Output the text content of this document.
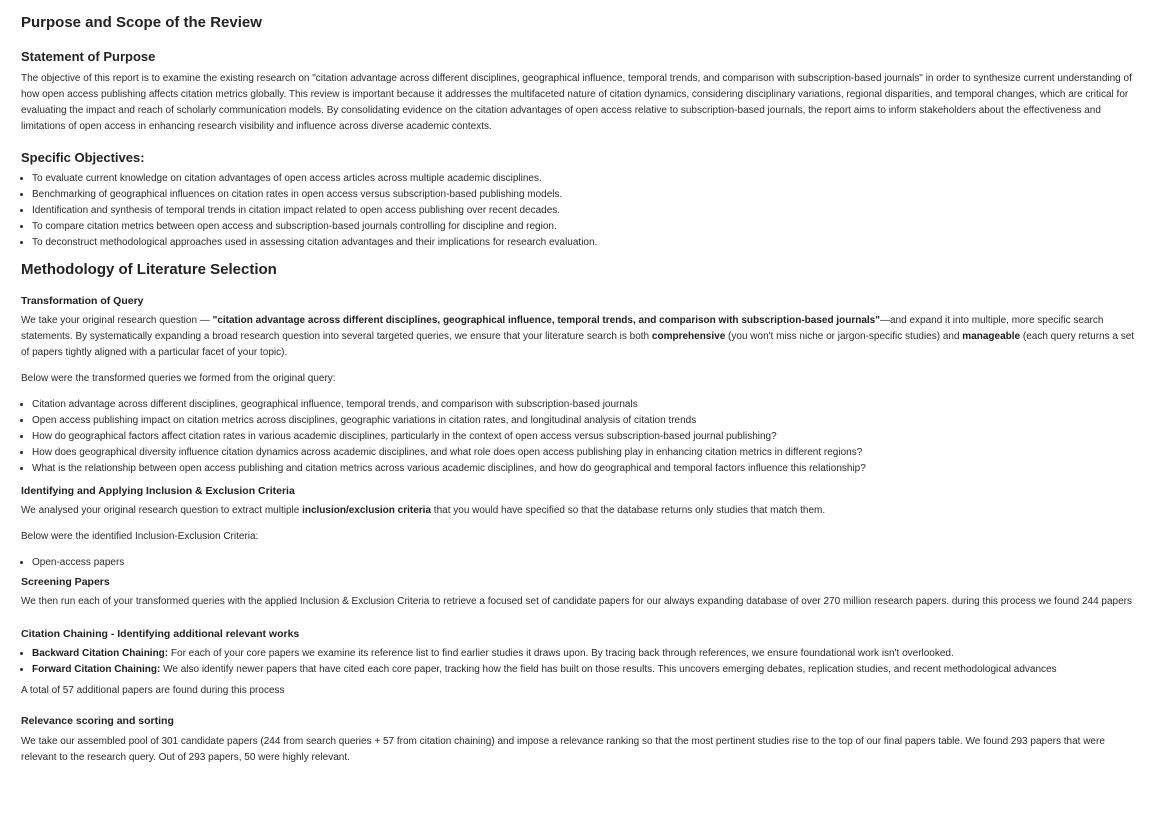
Purpose and Scope of the Review
Statement of Purpose

The objective of this report is to examine the existing research on "citation advantage across different disciplines, geographical influence, temporal trends, and comparison with subscription-based journals" in order to synthesize current understanding of how open access publishing affects citation metrics globally. This review is important because it addresses the multifaceted nature of citation dynamics, considering disciplinary variations, regional disparities, and temporal changes, which are critical for evaluating the impact and reach of scholarly communication models. By consolidating evidence on the citation advantages of open access relative to subscription-based journals, the report aims to inform stakeholders about the effectiveness and limitations of open access in enhancing research visibility and influence across diverse academic contexts.

Specific Objectives:
• To evaluate current knowledge on citation advantages of open access articles across multiple academic disciplines.
• Benchmarking of geographical influences on citation rates in open access versus subscription-based publishing models.
• Identification and synthesis of temporal trends in citation impact related to open access publishing over recent decades.
• To compare citation metrics between open access and subscription-based journals controlling for discipline and region.
• To deconstruct methodological approaches used in assessing citation advantages and their implications for research evaluation.
Methodology of Literature Selection
Transformation of Query

We take your original research question — "citation advantage across different disciplines, geographical influence, temporal trends, and comparison with subscription-based journals"—and expand it into multiple, more specific search statements. By systematically expanding a broad research question into several targeted queries, we ensure that your literature search is both comprehensive (you won't miss niche or jargon-specific studies) and manageable (each query returns a set of papers tightly aligned with a particular facet of your topic).

Below were the transformed queries we formed from the original query:

• Citation advantage across different disciplines, geographical influence, temporal trends, and comparison with subscription-based journals
• Open access publishing impact on citation metrics across disciplines, geographic variations in citation rates, and longitudinal analysis of citation trends
• How do geographical factors affect citation rates in various academic disciplines, particularly in the context of open access versus subscription-based journal publishing?
• How does geographical diversity influence citation dynamics across academic disciplines, and what role does open access publishing play in enhancing citation metrics in different regions?
• What is the relationship between open access publishing and citation metrics across various academic disciplines, and how do geographical and temporal factors influence this relationship?
Identifying and Applying Inclusion & Exclusion Criteria

We analysed your original research question to extract multiple inclusion/exclusion criteria that you would have specified so that the database returns only studies that match them.

Below were the identified Inclusion-Exclusion Criteria:

• Open-access papers
Screening Papers

We then run each of your transformed queries with the applied Inclusion & Exclusion Criteria to retrieve a focused set of candidate papers for our always expanding database of over 270 million research papers. during this process we found 244 papers

Citation Chaining - Identifying additional relevant works
• Backward Citation Chaining: For each of your core papers we examine its reference list to find earlier studies it draws upon. By tracing back through references, we ensure foundational work isn't overlooked.
• Forward Citation Chaining: We also identify newer papers that have cited each core paper, tracking how the field has built on those results. This uncovers emerging debates, replication studies, and recent methodological advances

A total of 57 additional papers are found during this process

Relevance scoring and sorting

We take our assembled pool of 301 candidate papers (244 from search queries + 57 from citation chaining) and impose a relevance ranking so that the most pertinent studies rise to the top of our final papers table. We found 293 papers that were relevant to the research query. Out of 293 papers, 50 were highly relevant.
